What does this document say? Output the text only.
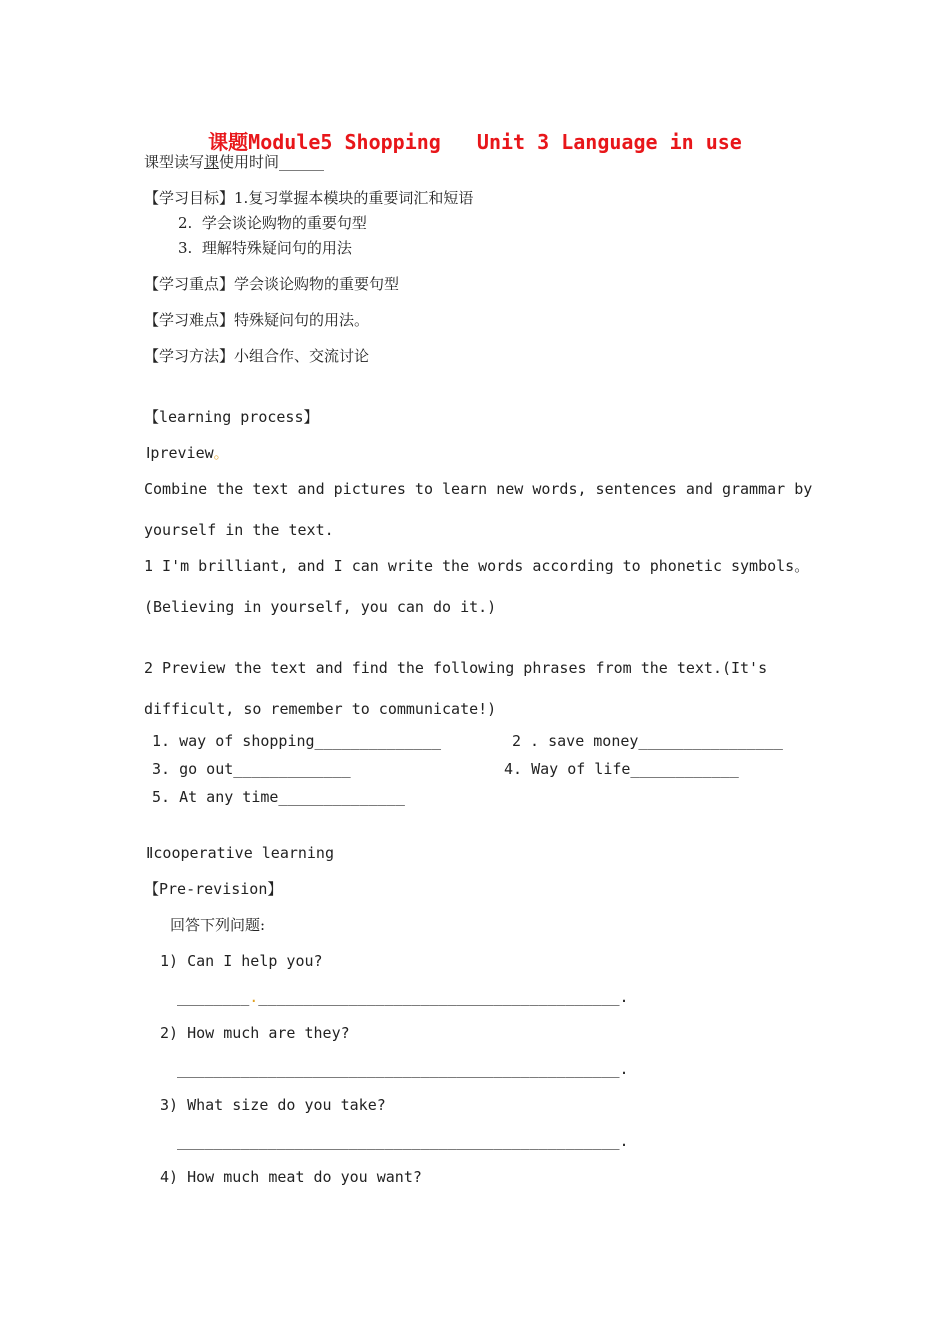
课题Module5 Shopping   Unit 3 Language in use
课型读写课使用时间______
【学习目标】1.复习掌握本模块的重要词汇和短语
2.  学会谈论购物的重要句型
3.  理解特殊疑问句的用法
【学习重点】学会谈论购物的重要句型
【学习难点】特殊疑问句的用法。
【学习方法】小组合作、交流讨论
【learning process】
Ⅰpreview。
Combine the text and pictures to learn new words, sentences and grammar by
yourself in the text.
1 I'm brilliant, and I can write the words according to phonetic symbols。
(Believing in yourself, you can do it.)
2 Preview the text and find the following phrases from the text.(It's
difficult, so remember to communicate!)
1. way of shopping______________	2 . save money________________
3. go out_____________	4. Way of life____________
5. At any time______________
Ⅱcooperative learning
【Pre-revision】
回答下列问题:
1) Can I help you?
________.________________________________________.
2) How much are they?
_________________________________________________.
3) What size do you take?
_________________________________________________.
4) How much meat do you want?
